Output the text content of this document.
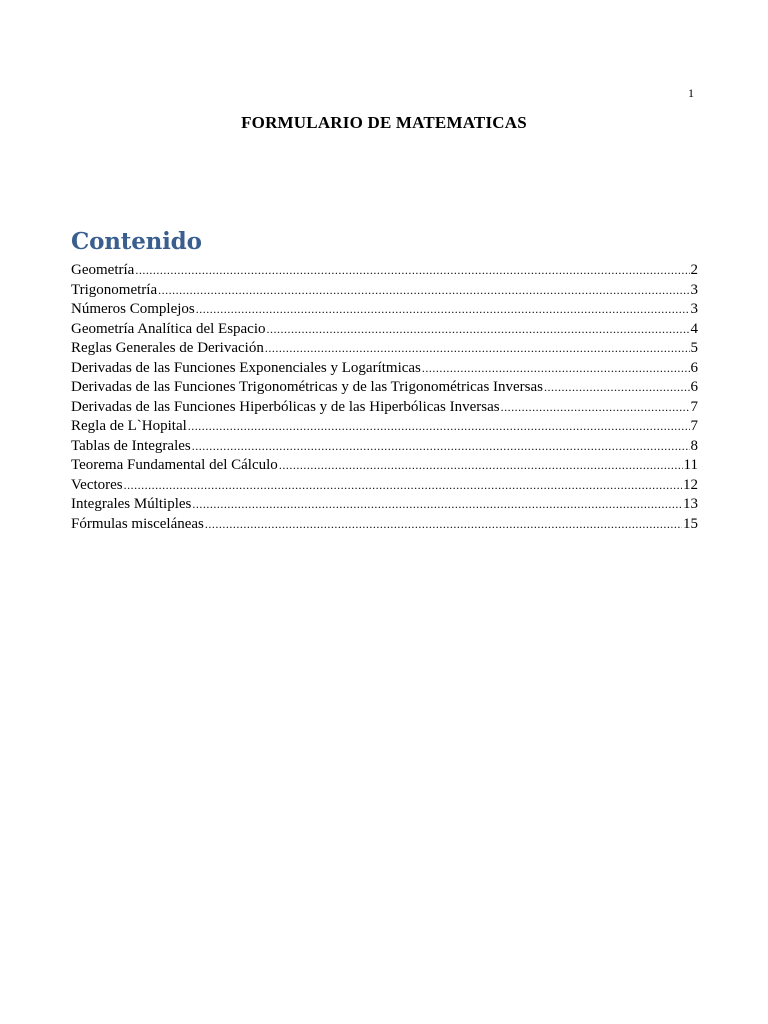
1
FORMULARIO DE MATEMATICAS
Contenido
Geometría .....	2
Trigonometría .....	3
Números Complejos .....	3
Geometría Analítica del Espacio .....	4
Reglas Generales de Derivación .....	5
Derivadas de las Funciones Exponenciales y Logarítmicas .....	6
Derivadas de las Funciones Trigonométricas y de las Trigonométricas Inversas .....	6
Derivadas de las Funciones Hiperbólicas y de las Hiperbólicas Inversas .....	7
Regla de L`Hopital .....	7
Tablas de Integrales .....	8
Teorema Fundamental del Cálculo .....	11
Vectores .....	12
Integrales Múltiples .....	13
Fórmulas misceláneas .....	15
